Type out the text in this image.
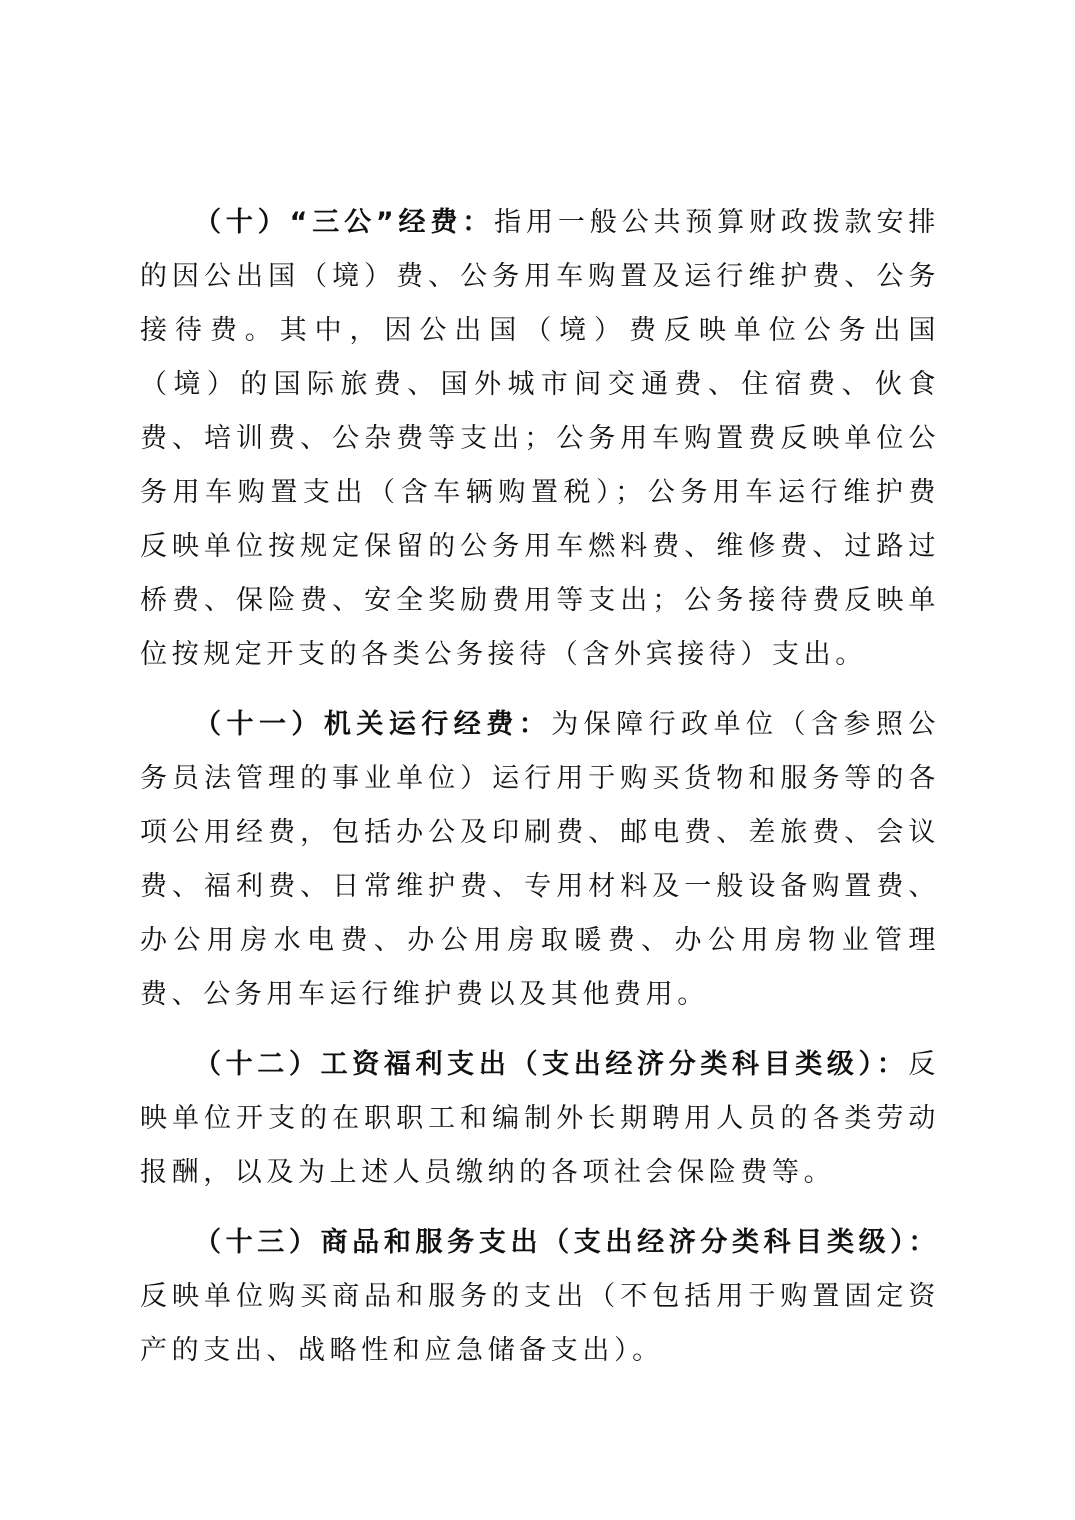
（十）“三公”经费：指用一般公共预算财政拨款安排的因公出国（境）费、公务用车购置及运行维护费、公务接待费。其中，因公出国（境）费反映单位公务出国（境）的国际旅费、国外城市间交通费、住宿费、伙食费、培训费、公杂费等支出；公务用车购置费反映单位公务用车购置支出（含车辆购置税）；公务用车运行维护费反映单位按规定保留的公务用车燃料费、维修费、过路过桥费、保险费、安全奖励费用等支出；公务接待费反映单位按规定开支的各类公务接待（含外宾接待）支出。

（十一）机关运行经费：为保障行政单位（含参照公务员法管理的事业单位）运行用于购买货物和服务等的各项公用经费，包括办公及印刷费、邮电费、差旅费、会议费、福利费、日常维护费、专用材料及一般设备购置费、办公用房水电费、办公用房取暖费、办公用房物业管理费、公务用车运行维护费以及其他费用。

（十二）工资福利支出（支出经济分类科目类级）：反映单位开支的在职职工和编制外长期聘用人员的各类劳动报酬，以及为上述人员缴纳的各项社会保险费等。

（十三）商品和服务支出（支出经济分类科目类级）：反映单位购买商品和服务的支出（不包括用于购置固定资产的支出、战略性和应急储备支出）。
